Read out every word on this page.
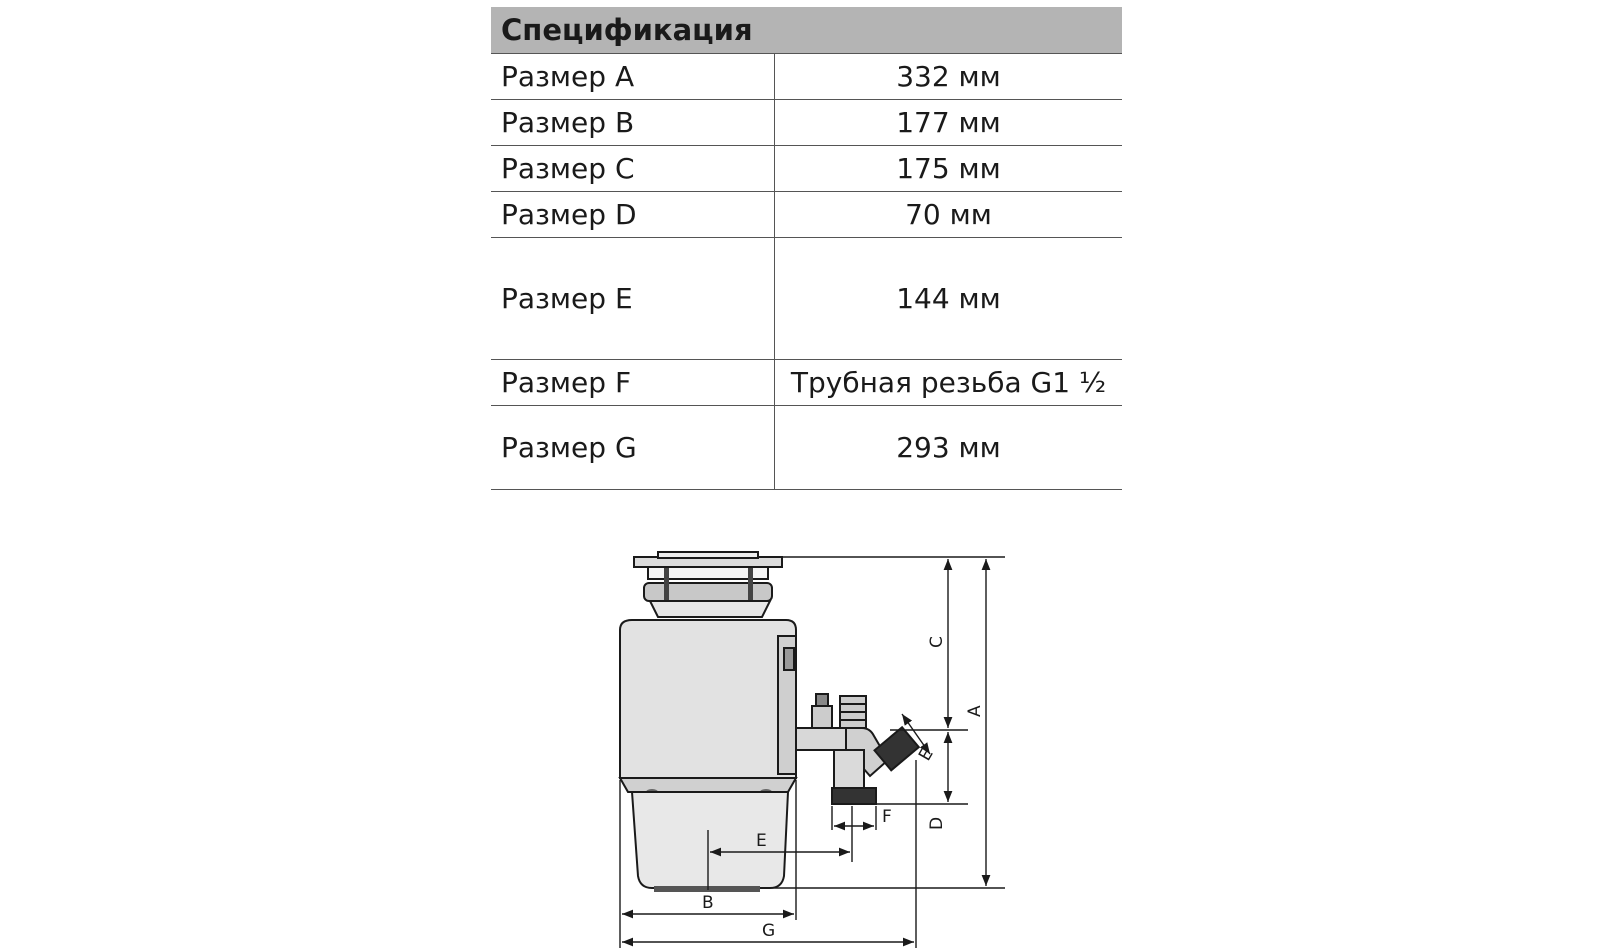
Спецификация	
Размер A	332 мм
Размер B	177 мм
Размер C	175 мм
Размер D	70 мм
Размер E	144 мм
Размер F	Трубная резьба G1 ½
Размер G	293 мм
A
C
D
E
E
F
B
G
